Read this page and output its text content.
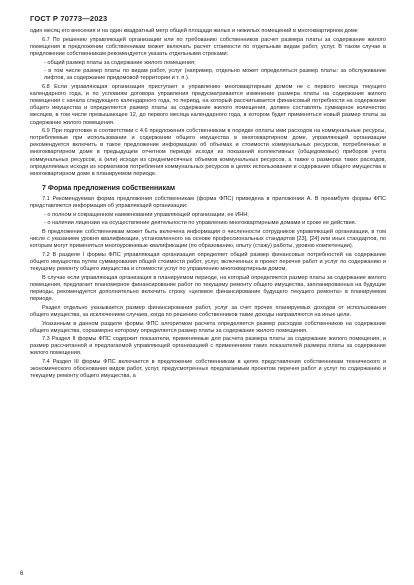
ГОСТ Р 70773—2023

один месяц его внесения и на один квадратный метр общей площади жилых и нежилых помещений в многоквартирном доме

6.7 По решению управляющей организации или по требованию собственников расчет размера платы за содержание жилого помещения в предложении собственникам может включать расчет стоимости по отдельным видам работ, услуг. В таком случае в предложение собственникам рекомендуется указать отдельными строками:

- общий размер платы за содержание жилого помещения;

- в том числе размер платы по видам работ, услуг (например, отдельно может определяться размер платы: за обслуживание лифтов, за содержание придомовой территории и т. п.).

6.8 Если управляющая организация приступает к управлению многоквартирным домом не с первого месяца текущего календарного года, и по условиям договора управления предусматривается изменение размера платы на содержание жилого помещения с начала следующего календарного года, то период, на который рассчитывается финансовый потребности на содержание общего имущества и определяется размер платы за содержание жилого помещения, должен составлять суммарное количество месяцев, в том числе превышающее 12, до первого месяца календарного года, в котором будет применяться новый размер платы за содержание жилого помещения.

6.9 При подготовке в соответствии с 4.6 предложения собственникам в порядке оплаты ими расходов на коммунальные ресурсы, потребляемые при использовании и содержании общего имущества в многоквартирном доме, управляющей организации рекомендуется включить в такое предложение информацию об объемах и стоимости коммунальных ресурсов, потребленных в многоквартирном доме в предыдущем отчетном периоде исходя из показаний коллективных (общедомовых) приборов учета коммунальных ресурсов, а (или) исходя из среднемесячных объемов коммунальных ресурсов, а также о размерах таких расходов, определяемых исходя из нормативов потребления коммунальных ресурсов в целях использования и содержания общего имущества в многоквартирном доме в планируемом периоде.

7 Форма предложения собственникам

7.1 Рекомендуемая форма предложения собственникам (форма ФПС) приведена в приложении А. В преамбуле формы ФПС представляется информация об управляющей организации:

- о полном и сокращенном наименовании управляющей организации, ее ИНН;

- о наличии лицензии на осуществление деятельности по управлению многоквартирными домами и сроке ее действия.

В предложение собственникам может быть включена информация о численности сотрудников управляющей организации, в том числе с указанием уровня квалификации, установленного на основе профессиональных стандартов [23], [24] или иных стандартов, по которым могут применяться многоуровневые квалификации (по образованию, опыту (стажу) работы, уровню компетенции).

7.2 В разделе I формы ФПС управляющая организация определяет общий размер финансовых потребностей на содержание общего имущества путем суммирования общей стоимости работ, услуг, включенных в проект перечня работ и услуг по содержанию и текущему ремонту общего имущества и стоимости услуг по управлению многоквартирным домом.

В случае если управляющая организация в планируемом периоде, на который определяется размер платы за содержание жилого помещения, предлагает планомерное финансирование работ по текущему ремонту общего имущества, запланированных на будущие периоды, рекомендуется дополнительно включить строку «целевое финансирование будущего текущего ремонта» в планируемом периоде.

Раздел отдельно указывается размер финансирования работ, услуг за счет прочих планируемых доходов от использования общего имущества, за исключением случаев, когда по решению собственников такие доходы направляются на иные цели.

Указанным в данном разделе формы ФПС алгоритмом расчета определяется размер расходов собственников на содержание общего имущества, соразмерно которому определяется размер платы за содержание жилого помещения.

7.3 Раздел II формы ФПС содержит показатели, применяемые для расчета размера платы за содержание жилого помещения, и размер рассчитанной и предлагаемой управляющей организацией с применением таких показателей размера платы за содержание жилого помещения.

7.4 Раздел III формы ФПС включается в предложение собственникам в целях представления собственникам технического и экономического обоснования видов работ, услуг, предусмотренных предлагаемым проектом перечня работ и услуг по содержанию и текущему ремонту общего имущества, а

6
